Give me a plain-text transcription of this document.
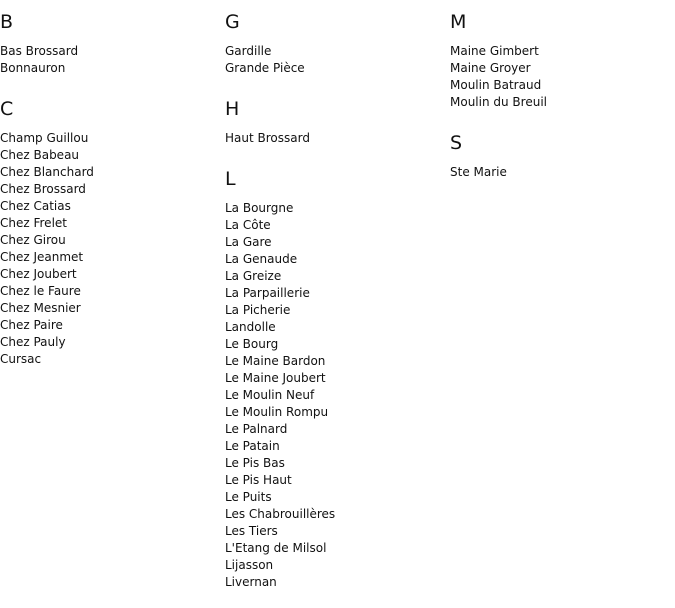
B
Bas Brossard
Bonnauron
C
Champ Guillou
Chez Babeau
Chez Blanchard
Chez Brossard
Chez Catias
Chez Frelet
Chez Girou
Chez Jeanmet
Chez Joubert
Chez le Faure
Chez Mesnier
Chez Paire
Chez Pauly
Cursac
G
Gardille
Grande Pièce
H
Haut Brossard
L
La Bourgne
La Côte
La Gare
La Genaude
La Greize
La Parpaillerie
La Picherie
Landolle
Le Bourg
Le Maine Bardon
Le Maine Joubert
Le Moulin Neuf
Le Moulin Rompu
Le Palnard
Le Patain
Le Pis Bas
Le Pis Haut
Le Puits
Les Chabrouillères
Les Tiers
L'Etang de Milsol
Lijasson
Livernan
M
Maine Gimbert
Maine Groyer
Moulin Batraud
Moulin du Breuil
S
Ste Marie
